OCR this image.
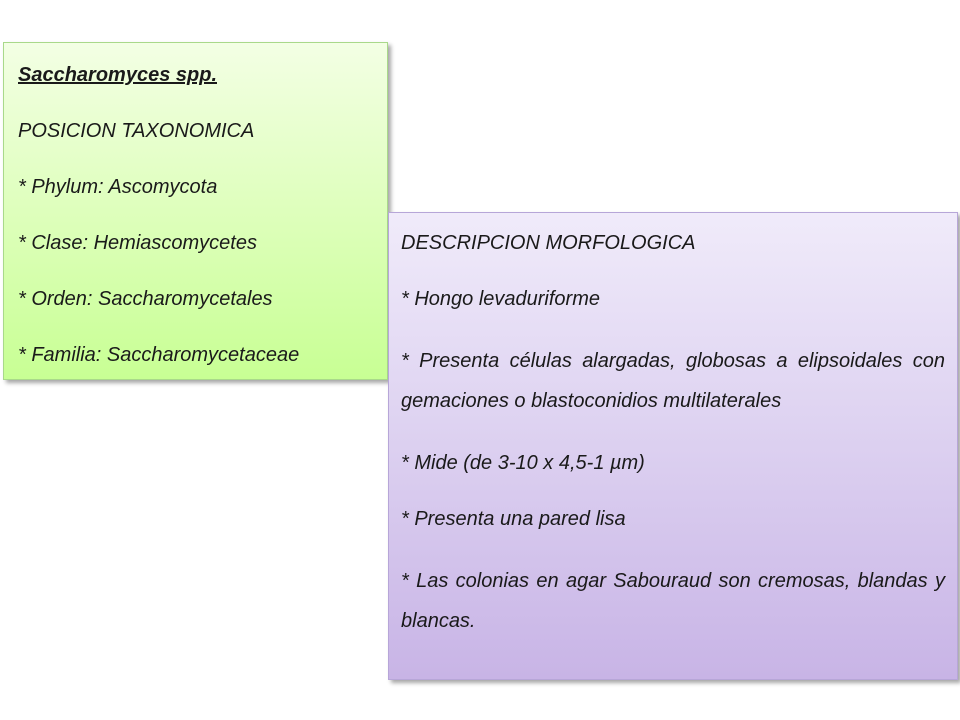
Saccharomyces spp.

POSICION TAXONOMICA

* Phylum: Ascomycota

* Clase: Hemiascomycetes

* Orden: Saccharomycetales

* Familia: Saccharomycetaceae

DESCRIPCION MORFOLOGICA

* Hongo levaduriforme

* Presenta células alargadas, globosas a elipsoidales con gemaciones o blastoconidios multilaterales

* Mide (de 3-10 x 4,5-1 µm)

* Presenta una pared lisa

* Las colonias en agar Sabouraud son cremosas, blandas y blancas.
